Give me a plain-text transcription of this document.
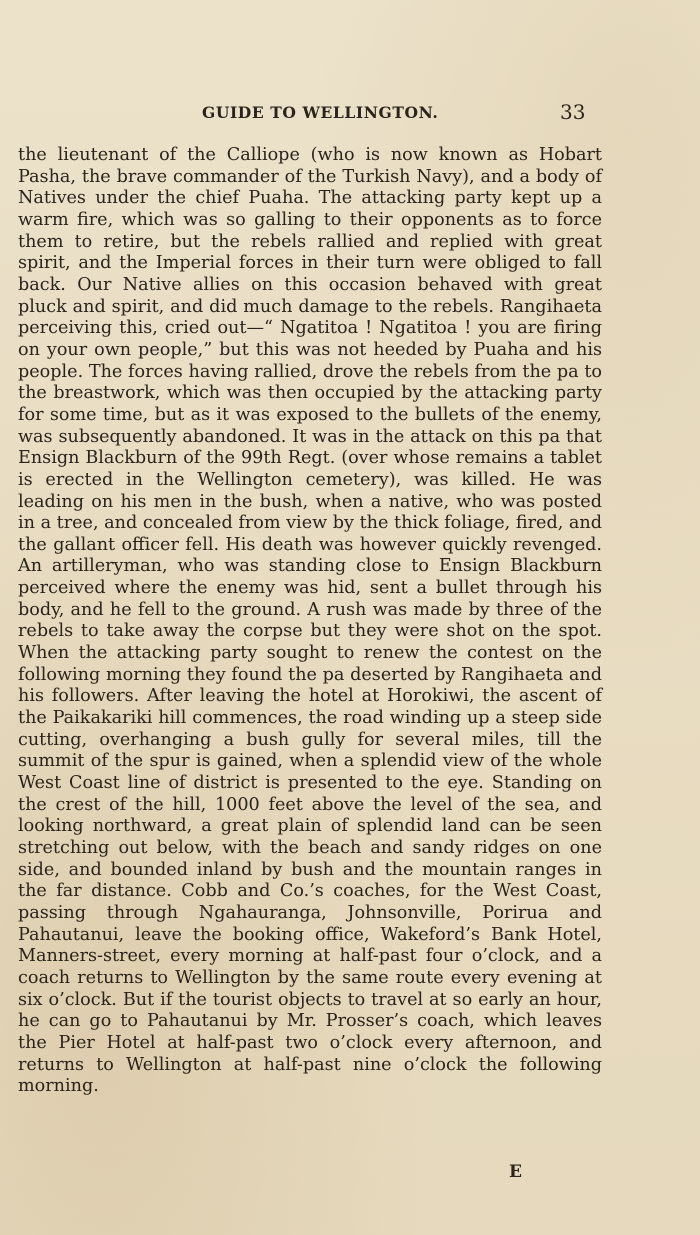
GUIDE TO WELLINGTON.	33

the lieutenant of the Calliope (who is now known as Hobart Pasha, the brave commander of the Turkish Navy), and a body of Natives under the chief Puaha. The attacking party kept up a warm fire, which was so galling to their opponents as to force them to retire, but the rebels rallied and replied with great spirit, and the Imperial forces in their turn were obliged to fall back. Our Native allies on this occasion behaved with great pluck and spirit, and did much damage to the rebels. Rangihaeta perceiving this, cried out—“ Ngatitoa ! Ngatitoa ! you are firing on your own people,” but this was not heeded by Puaha and his people. The forces having rallied, drove the rebels from the pa to the breastwork, which was then occupied by the attacking party for some time, but as it was exposed to the bullets of the enemy, was subsequently abandoned. It was in the attack on this pa that Ensign Blackburn of the 99th Regt. (over whose remains a tablet is erected in the Wellington cemetery), was killed. He was leading on his men in the bush, when a native, who was posted in a tree, and concealed from view by the thick foliage, fired, and the gallant officer fell. His death was however quickly revenged. An artilleryman, who was standing close to Ensign Blackburn perceived where the enemy was hid, sent a bullet through his body, and he fell to the ground. A rush was made by three of the rebels to take away the corpse but they were shot on the spot. When the attacking party sought to renew the contest on the following morning they found the pa deserted by Rangihaeta and his followers. After leaving the hotel at Horokiwi, the ascent of the Paikakariki hill commences, the road winding up a steep side cutting, overhanging a bush gully for several miles, till the summit of the spur is gained, when a splendid view of the whole West Coast line of district is presented to the eye. Standing on the crest of the hill, 1000 feet above the level of the sea, and looking northward, a great plain of splendid land can be seen stretching out below, with the beach and sandy ridges on one side, and bounded inland by bush and the mountain ranges in the far distance. Cobb and Co.’s coaches, for the West Coast, passing through Ngahauranga, Johnsonville, Porirua and Pahautanui, leave the booking office, Wakeford’s Bank Hotel, Manners-street, every morning at half-past four o’clock, and a coach returns to Wellington by the same route every evening at six o’clock. But if the tourist objects to travel at so early an hour, he can go to Pahautanui by Mr. Prosser’s coach, which leaves the Pier Hotel at half-past two o’clock every afternoon, and returns to Wellington at half-past nine o’clock the following morning.

E
